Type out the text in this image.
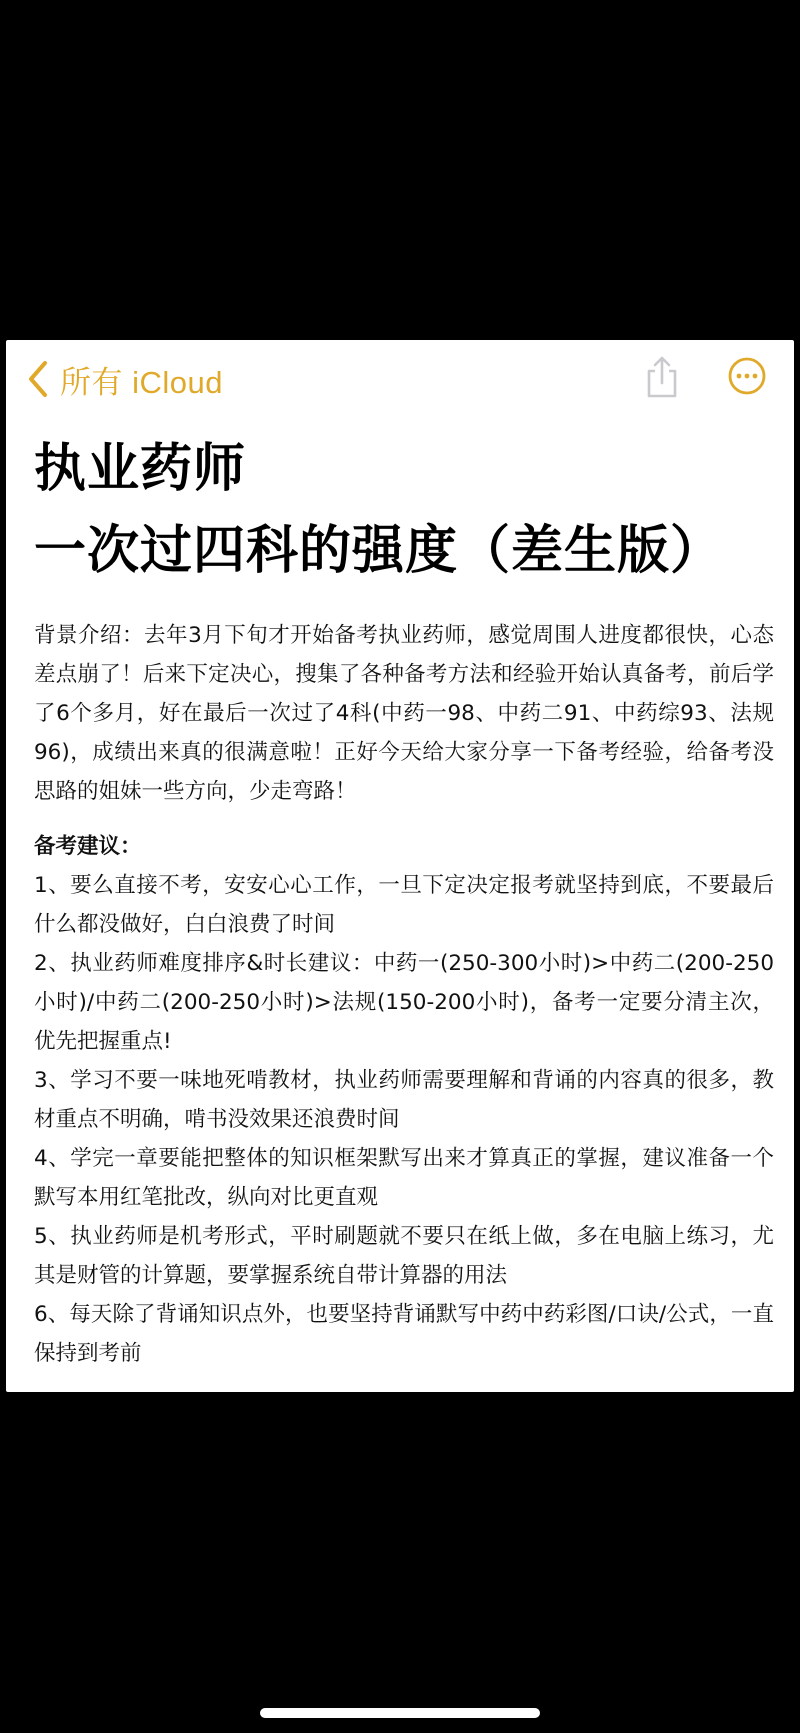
所有 iCloud
执业药师
一次过四科的强度（差生版）

背景介绍：去年3月下旬才开始备考执业药师，感觉周围人进度都很快，心态差点崩了！后来下定决心，搜集了各种备考方法和经验开始认真备考，前后学了6个多月，好在最后一次过了4科(中药一98、中药二91、中药综93、法规96)，成绩出来真的很满意啦！正好今天给大家分享一下备考经验，给备考没思路的姐妹一些方向，少走弯路！

备考建议：

1、要么直接不考，安安心心工作，一旦下定决定报考就坚持到底，不要最后什么都没做好，白白浪费了时间
2、执业药师难度排序&时长建议：中药一(250-300小时)>中药二(200-250小时)/中药二(200-250小时)>法规(150-200小时)，备考一定要分清主次，优先把握重点!
3、学习不要一味地死啃教材，执业药师需要理解和背诵的内容真的很多，教材重点不明确，啃书没效果还浪费时间
4、学完一章要能把整体的知识框架默写出来才算真正的掌握，建议准备一个默写本用红笔批改，纵向对比更直观
5、执业药师是机考形式，平时刷题就不要只在纸上做，多在电脑上练习，尤其是财管的计算题，要掌握系统自带计算器的用法
6、每天除了背诵知识点外，也要坚持背诵默写中药中药彩图/口诀/公式，一直保持到考前
